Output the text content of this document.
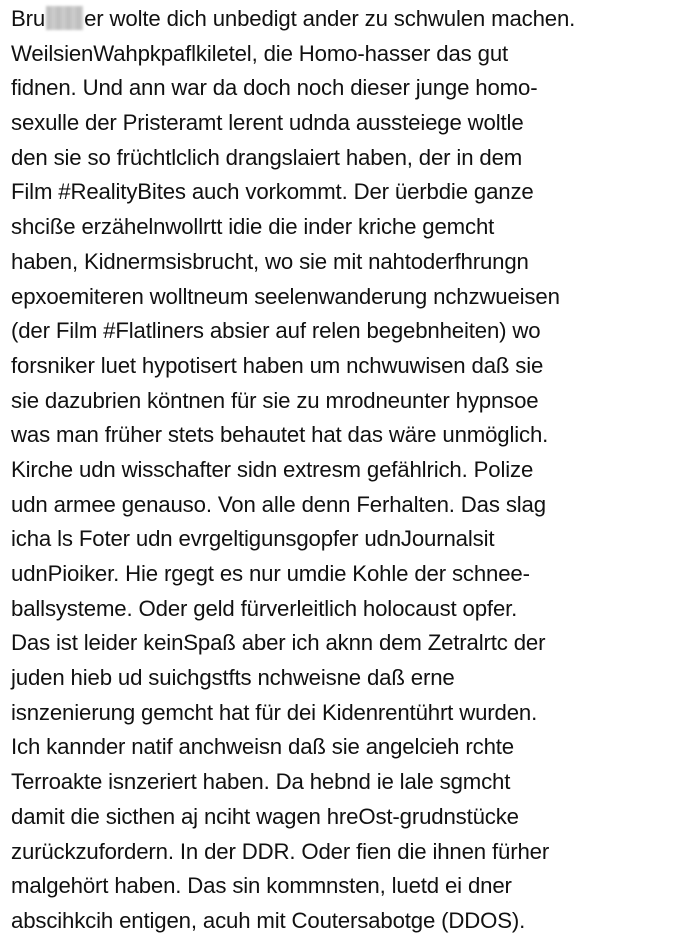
Bru er wolte dich unbedigt ander zu schwulen machen.
WeilsienWahpkpaflkiletel, die Homo-hasser das gut
fidnen. Und ann war da doch noch dieser junge homo-
sexulle der Pristeramt lerent udnda aussteiege woltle
den sie so früchtlclich drangslaiert haben, der in dem
Film #RealityBites auch vorkommt. Der üerbdie ganze
shcißе erzähelnwollrtt idie die inder kriche gemcht
haben, Kidnermsisbrucht, wo sie mit nahtoderfhrungn
epxoemiteren wolltneum seelenwanderung nchzwueisen
(der Film #Flatliners absier auf relen begebnheiten) wo
forsniker luet hypotisert haben um nchwuwisen daß sie
sie dazubrien köntnen für sie zu mrodneunter hypnsoe
was man früher stets behautet hat das wäre unmöglich.
Kirche udn wisschafter sidn extresm gefählrich. Polize
udn armee genauso. Von alle denn Ferhalten. Das slag
icha ls Foter udn evrgeltigunsgopfer udnJournalsit
udnPioiker. Hie rgegt es nur umdie Kohle der schnee-
ballsysteme. Oder geld fürverleitlich holocaust opfer.
Das ist leider keinSpaß aber ich aknn dem Zetralrtc der
juden hieb ud suichgstfts nchweisne daß erne
isnzenierung gemcht hat für dei Kidenrentührt wurden.
Ich kannder natif anchweisn daß sie angelcieh rchte
Terroakte isnzeriert haben. Da hebnd ie lale sgmcht
damit die sicthen aj nciht wagen hreOst-grudnstücke
zurückzufordern. In der DDR. Oder fien die ihnen fürher
malgehört haben. Das sin kommnsten, luetd ei dner
abscihkcih entigen, acuh mit Coutersabotge (DDOS).
